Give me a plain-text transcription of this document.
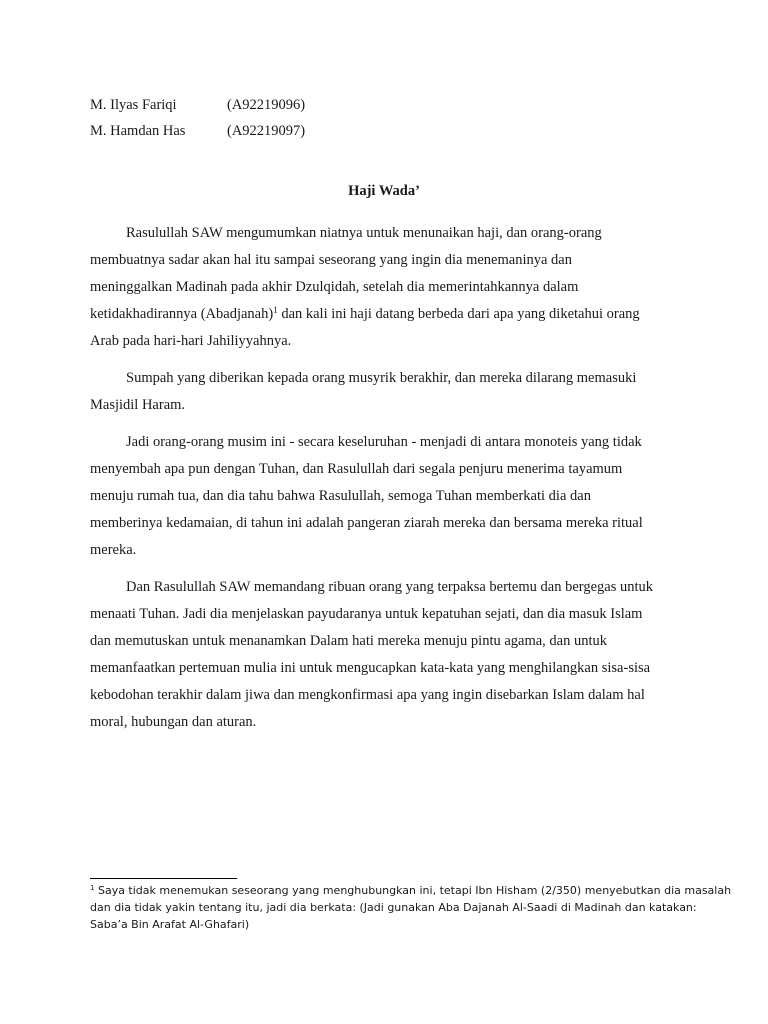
M. Ilyas Fariqi	(A92219096)
M. Hamdan Has	(A92219097)
Haji Wada’
Rasulullah SAW mengumumkan niatnya untuk menunaikan haji, dan orang-orang
membuatnya sadar akan hal itu sampai seseorang yang ingin dia menemaninya dan
meninggalkan Madinah pada akhir Dzulqidah, setelah dia memerintahkannya dalam
ketidakhadirannya (Abadjanah)$^1$ dan kali ini haji datang berbeda dari apa yang diketahui orang
Arab pada hari-hari Jahiliyyahnya.
Sumpah yang diberikan kepada orang musyrik berakhir, dan mereka dilarang memasuki
Masjidil Haram.
Jadi orang-orang musim ini - secara keseluruhan - menjadi di antara monoteis yang tidak
menyembah apa pun dengan Tuhan, dan Rasulullah dari segala penjuru menerima tayamum
menuju rumah tua, dan dia tahu bahwa Rasulullah, semoga Tuhan memberkati dia dan
memberinya kedamaian, di tahun ini adalah pangeran ziarah mereka dan bersama mereka ritual
mereka.
Dan Rasulullah SAW memandang ribuan orang yang terpaksa bertemu dan bergegas untuk
menaati Tuhan. Jadi dia menjelaskan payudaranya untuk kepatuhan sejati, dan dia masuk Islam
dan memutuskan untuk menanamkan Dalam hati mereka menuju pintu agama, dan untuk
memanfaatkan pertemuan mulia ini untuk mengucapkan kata-kata yang menghilangkan sisa-sisa
kebodohan terakhir dalam jiwa dan mengkonfirmasi apa yang ingin disebarkan Islam dalam hal
moral, hubungan dan aturan.
$^1$ Saya tidak menemukan seseorang yang menghubungkan ini, tetapi Ibn Hisham (2/350) menyebutkan dia masalah
dan dia tidak yakin tentang itu, jadi dia berkata: (Jadi gunakan Aba Dajanah Al-Saadi di Madinah dan katakan:
Saba’a Bin Arafat Al-Ghafari)
